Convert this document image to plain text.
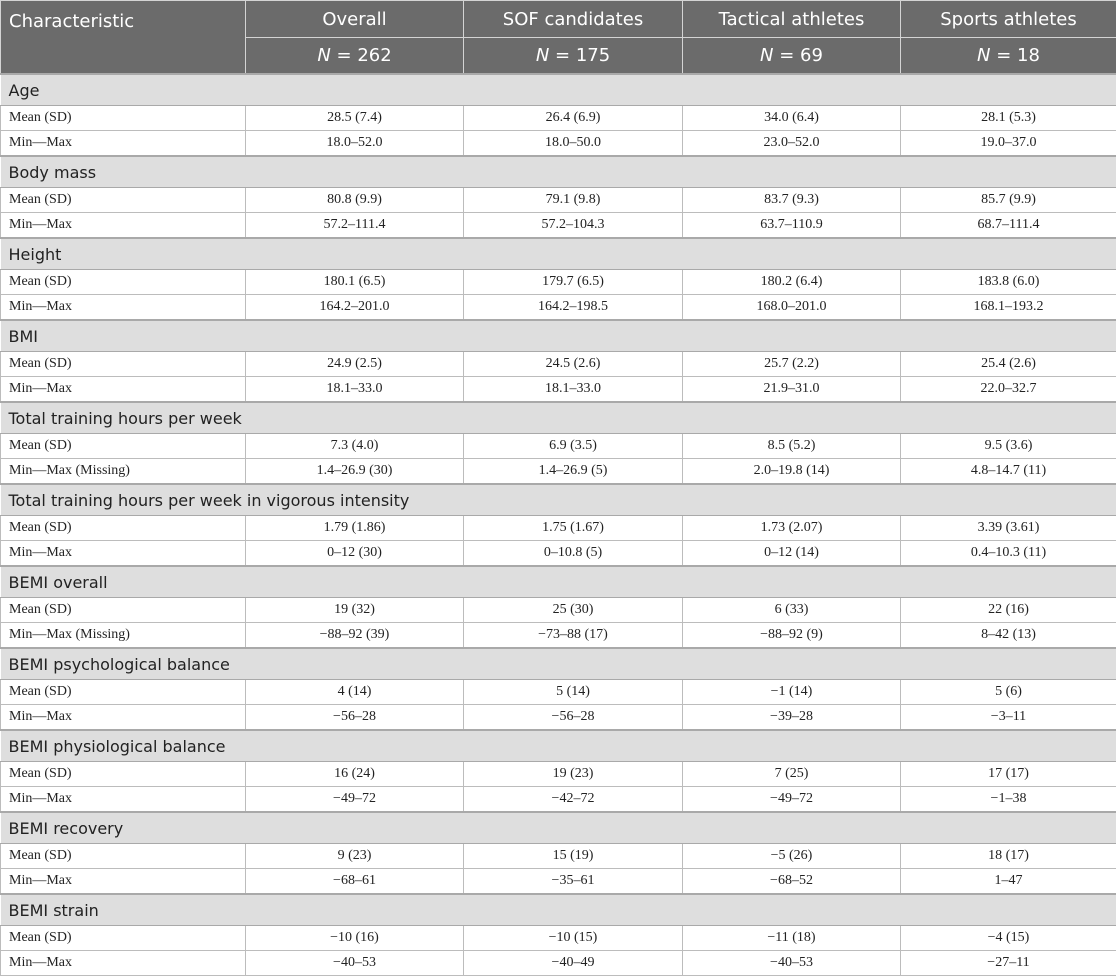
Characteristic	Overall	SOF candidates	Tactical athletes	Sports athletes
	N = 262	N = 175	N = 69	N = 18
Age				
Mean (SD)	28.5 (7.4)	26.4 (6.9)	34.0 (6.4)	28.1 (5.3)
Min—Max	18.0–52.0	18.0–50.0	23.0–52.0	19.0–37.0
Body mass				
Mean (SD)	80.8 (9.9)	79.1 (9.8)	83.7 (9.3)	85.7 (9.9)
Min—Max	57.2–111.4	57.2–104.3	63.7–110.9	68.7–111.4
Height				
Mean (SD)	180.1 (6.5)	179.7 (6.5)	180.2 (6.4)	183.8 (6.0)
Min—Max	164.2–201.0	164.2–198.5	168.0–201.0	168.1–193.2
BMI				
Mean (SD)	24.9 (2.5)	24.5 (2.6)	25.7 (2.2)	25.4 (2.6)
Min—Max	18.1–33.0	18.1–33.0	21.9–31.0	22.0–32.7
Total training hours per week				
Mean (SD)	7.3 (4.0)	6.9 (3.5)	8.5 (5.2)	9.5 (3.6)
Min—Max (Missing)	1.4–26.9 (30)	1.4–26.9 (5)	2.0–19.8 (14)	4.8–14.7 (11)
Total training hours per week in vigorous intensity				
Mean (SD)	1.79 (1.86)	1.75 (1.67)	1.73 (2.07)	3.39 (3.61)
Min—Max	0–12 (30)	0–10.8 (5)	0–12 (14)	0.4–10.3 (11)
BEMI overall				
Mean (SD)	19 (32)	25 (30)	6 (33)	22 (16)
Min—Max (Missing)	−88–92 (39)	−73–88 (17)	−88–92 (9)	8–42 (13)
BEMI psychological balance				
Mean (SD)	4 (14)	5 (14)	−1 (14)	5 (6)
Min—Max	−56–28	−56–28	−39–28	−3–11
BEMI physiological balance				
Mean (SD)	16 (24)	19 (23)	7 (25)	17 (17)
Min—Max	−49–72	−42–72	−49–72	−1–38
BEMI recovery				
Mean (SD)	9 (23)	15 (19)	−5 (26)	18 (17)
Min—Max	−68–61	−35–61	−68–52	1–47
BEMI strain				
Mean (SD)	−10 (16)	−10 (15)	−11 (18)	−4 (15)
Min—Max	−40–53	−40–49	−40–53	−27–11
